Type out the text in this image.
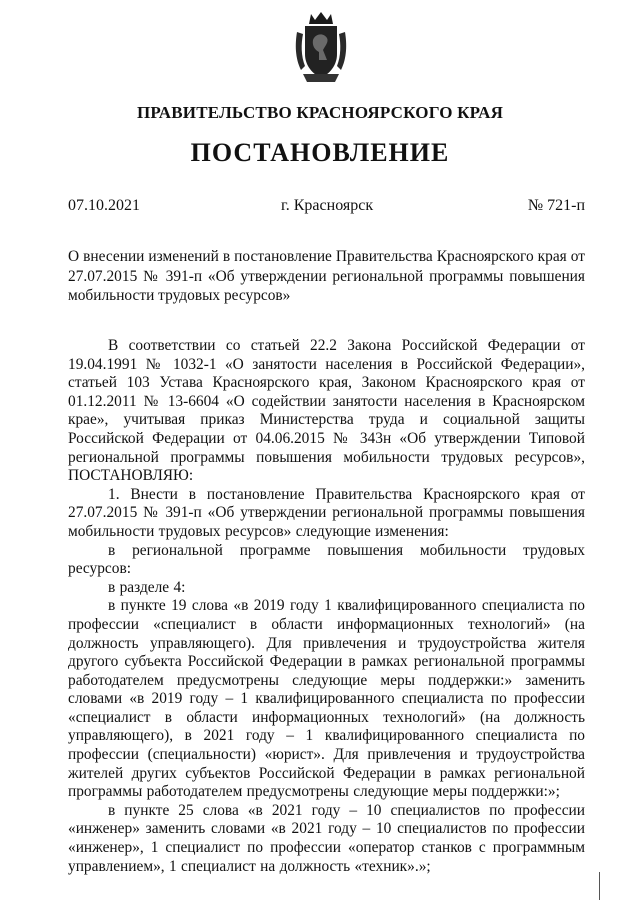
ПРАВИТЕЛЬСТВО КРАСНОЯРСКОГО КРАЯ
ПОСТАНОВЛЕНИЕ
07.10.2021	г. Красноярск	№ 721-п

О внесении изменений в постановление Правительства Красноярского края от 27.07.2015 № 391-п «Об утверждении региональной программы повышения мобильности трудовых ресурсов»

В соответствии со статьей 22.2 Закона Российской Федерации от 19.04.1991 № 1032-1 «О занятости населения в Российской Федерации», статьей 103 Устава Красноярского края, Законом Красноярского края от 01.12.2011 № 13-6604 «О содействии занятости населения в Красноярском крае», учитывая приказ Министерства труда и социальной защиты Российской Федерации от 04.06.2015 № 343н «Об утверждении Типовой региональной программы повышения мобильности трудовых ресурсов», ПОСТАНОВЛЯЮ:

1. Внести в постановление Правительства Красноярского края от 27.07.2015 № 391-п «Об утверждении региональной программы повышения мобильности трудовых ресурсов» следующие изменения:

в региональной программе повышения мобильности трудовых ресурсов:

в разделе 4:

в пункте 19 слова «в 2019 году 1 квалифицированного специалиста по профессии «специалист в области информационных технологий» (на должность управляющего). Для привлечения и трудоустройства жителя другого субъекта Российской Федерации в рамках региональной программы работодателем предусмотрены следующие меры поддержки:» заменить словами «в 2019 году – 1 квалифицированного специалиста по профессии «специалист в области информационных технологий» (на должность управляющего), в 2021 году – 1 квалифицированного специалиста по профессии (специальности) «юрист». Для привлечения и трудоустройства жителей других субъектов Российской Федерации в рамках региональной программы работодателем предусмотрены следующие меры поддержки:»;

в пункте 25 слова «в 2021 году – 10 специалистов по профессии «инженер» заменить словами «в 2021 году – 10 специалистов по профессии «инженер», 1 специалист по профессии «оператор станков с программным управлением», 1 специалист на должность «техник».»;
